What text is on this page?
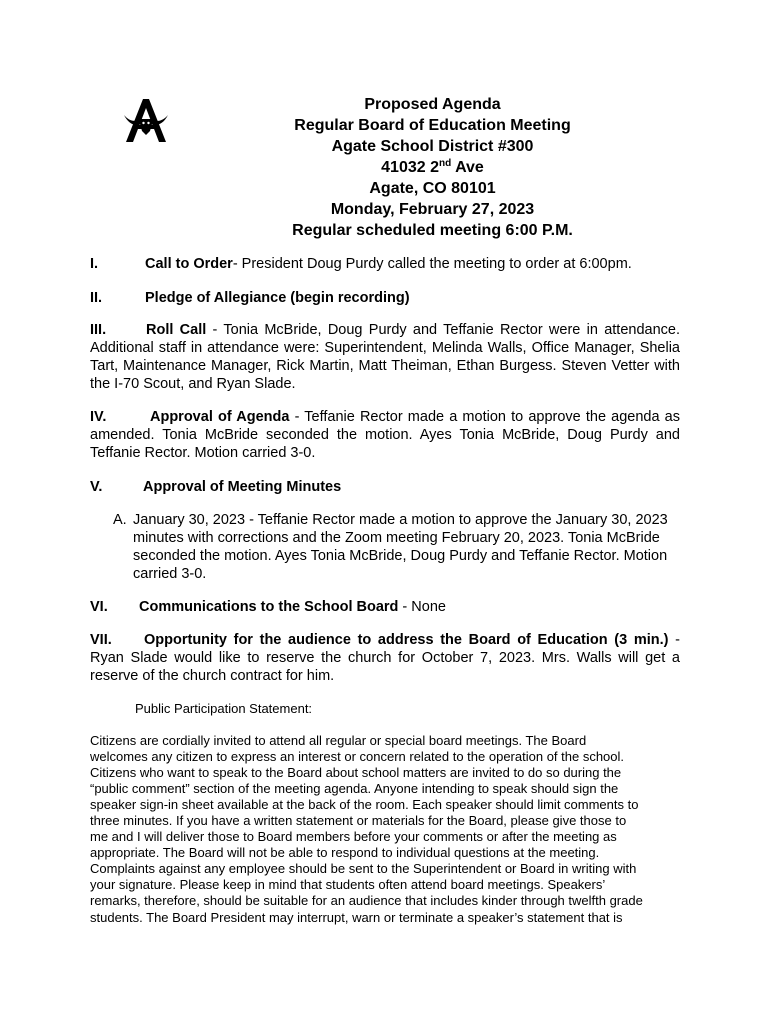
Proposed Agenda
Regular Board of Education Meeting
Agate School District #300
41032 2nd Ave
Agate, CO 80101
Monday, February 27, 2023
Regular scheduled meeting 6:00 P.M.
I.	Call to Order- President Doug Purdy called the meeting to order at 6:00pm.
II.	Pledge of Allegiance (begin recording)
III.	Roll Call - Tonia McBride, Doug Purdy and Teffanie Rector were in attendance. Additional staff in attendance were: Superintendent, Melinda Walls, Office Manager, Shelia Tart, Maintenance Manager, Rick Martin, Matt Theiman, Ethan Burgess. Steven Vetter with the I-70 Scout, and Ryan Slade.
IV.	Approval of Agenda - Teffanie Rector made a motion to approve the agenda as amended. Tonia McBride seconded the motion. Ayes Tonia McBride, Doug Purdy and Teffanie Rector. Motion carried 3-0.
V.	Approval of Meeting Minutes
A. January 30, 2023 - Teffanie Rector made a motion to approve the January 30, 2023 minutes with corrections and the Zoom meeting February 20, 2023. Tonia McBride seconded the motion. Ayes Tonia McBride, Doug Purdy and Teffanie Rector. Motion carried 3-0.
VI. Communications to the School Board - None
VII. Opportunity for the audience to address the Board of Education (3 min.) - Ryan Slade would like to reserve the church for October 7, 2023. Mrs. Walls will get a reserve of the church contract for him.
Public Participation Statement:
Citizens are cordially invited to attend all regular or special board meetings. The Board
welcomes any citizen to express an interest or concern related to the operation of the school.
Citizens who want to speak to the Board about school matters are invited to do so during the
“public comment” section of the meeting agenda. Anyone intending to speak should sign the
speaker sign-in sheet available at the back of the room. Each speaker should limit comments to
three minutes. If you have a written statement or materials for the Board, please give those to
me and I will deliver those to Board members before your comments or after the meeting as
appropriate. The Board will not be able to respond to individual questions at the meeting.
Complaints against any employee should be sent to the Superintendent or Board in writing with
your signature. Please keep in mind that students often attend board meetings. Speakers’
remarks, therefore, should be suitable for an audience that includes kinder through twelfth grade
students. The Board President may interrupt, warn or terminate a speaker’s statement that is
